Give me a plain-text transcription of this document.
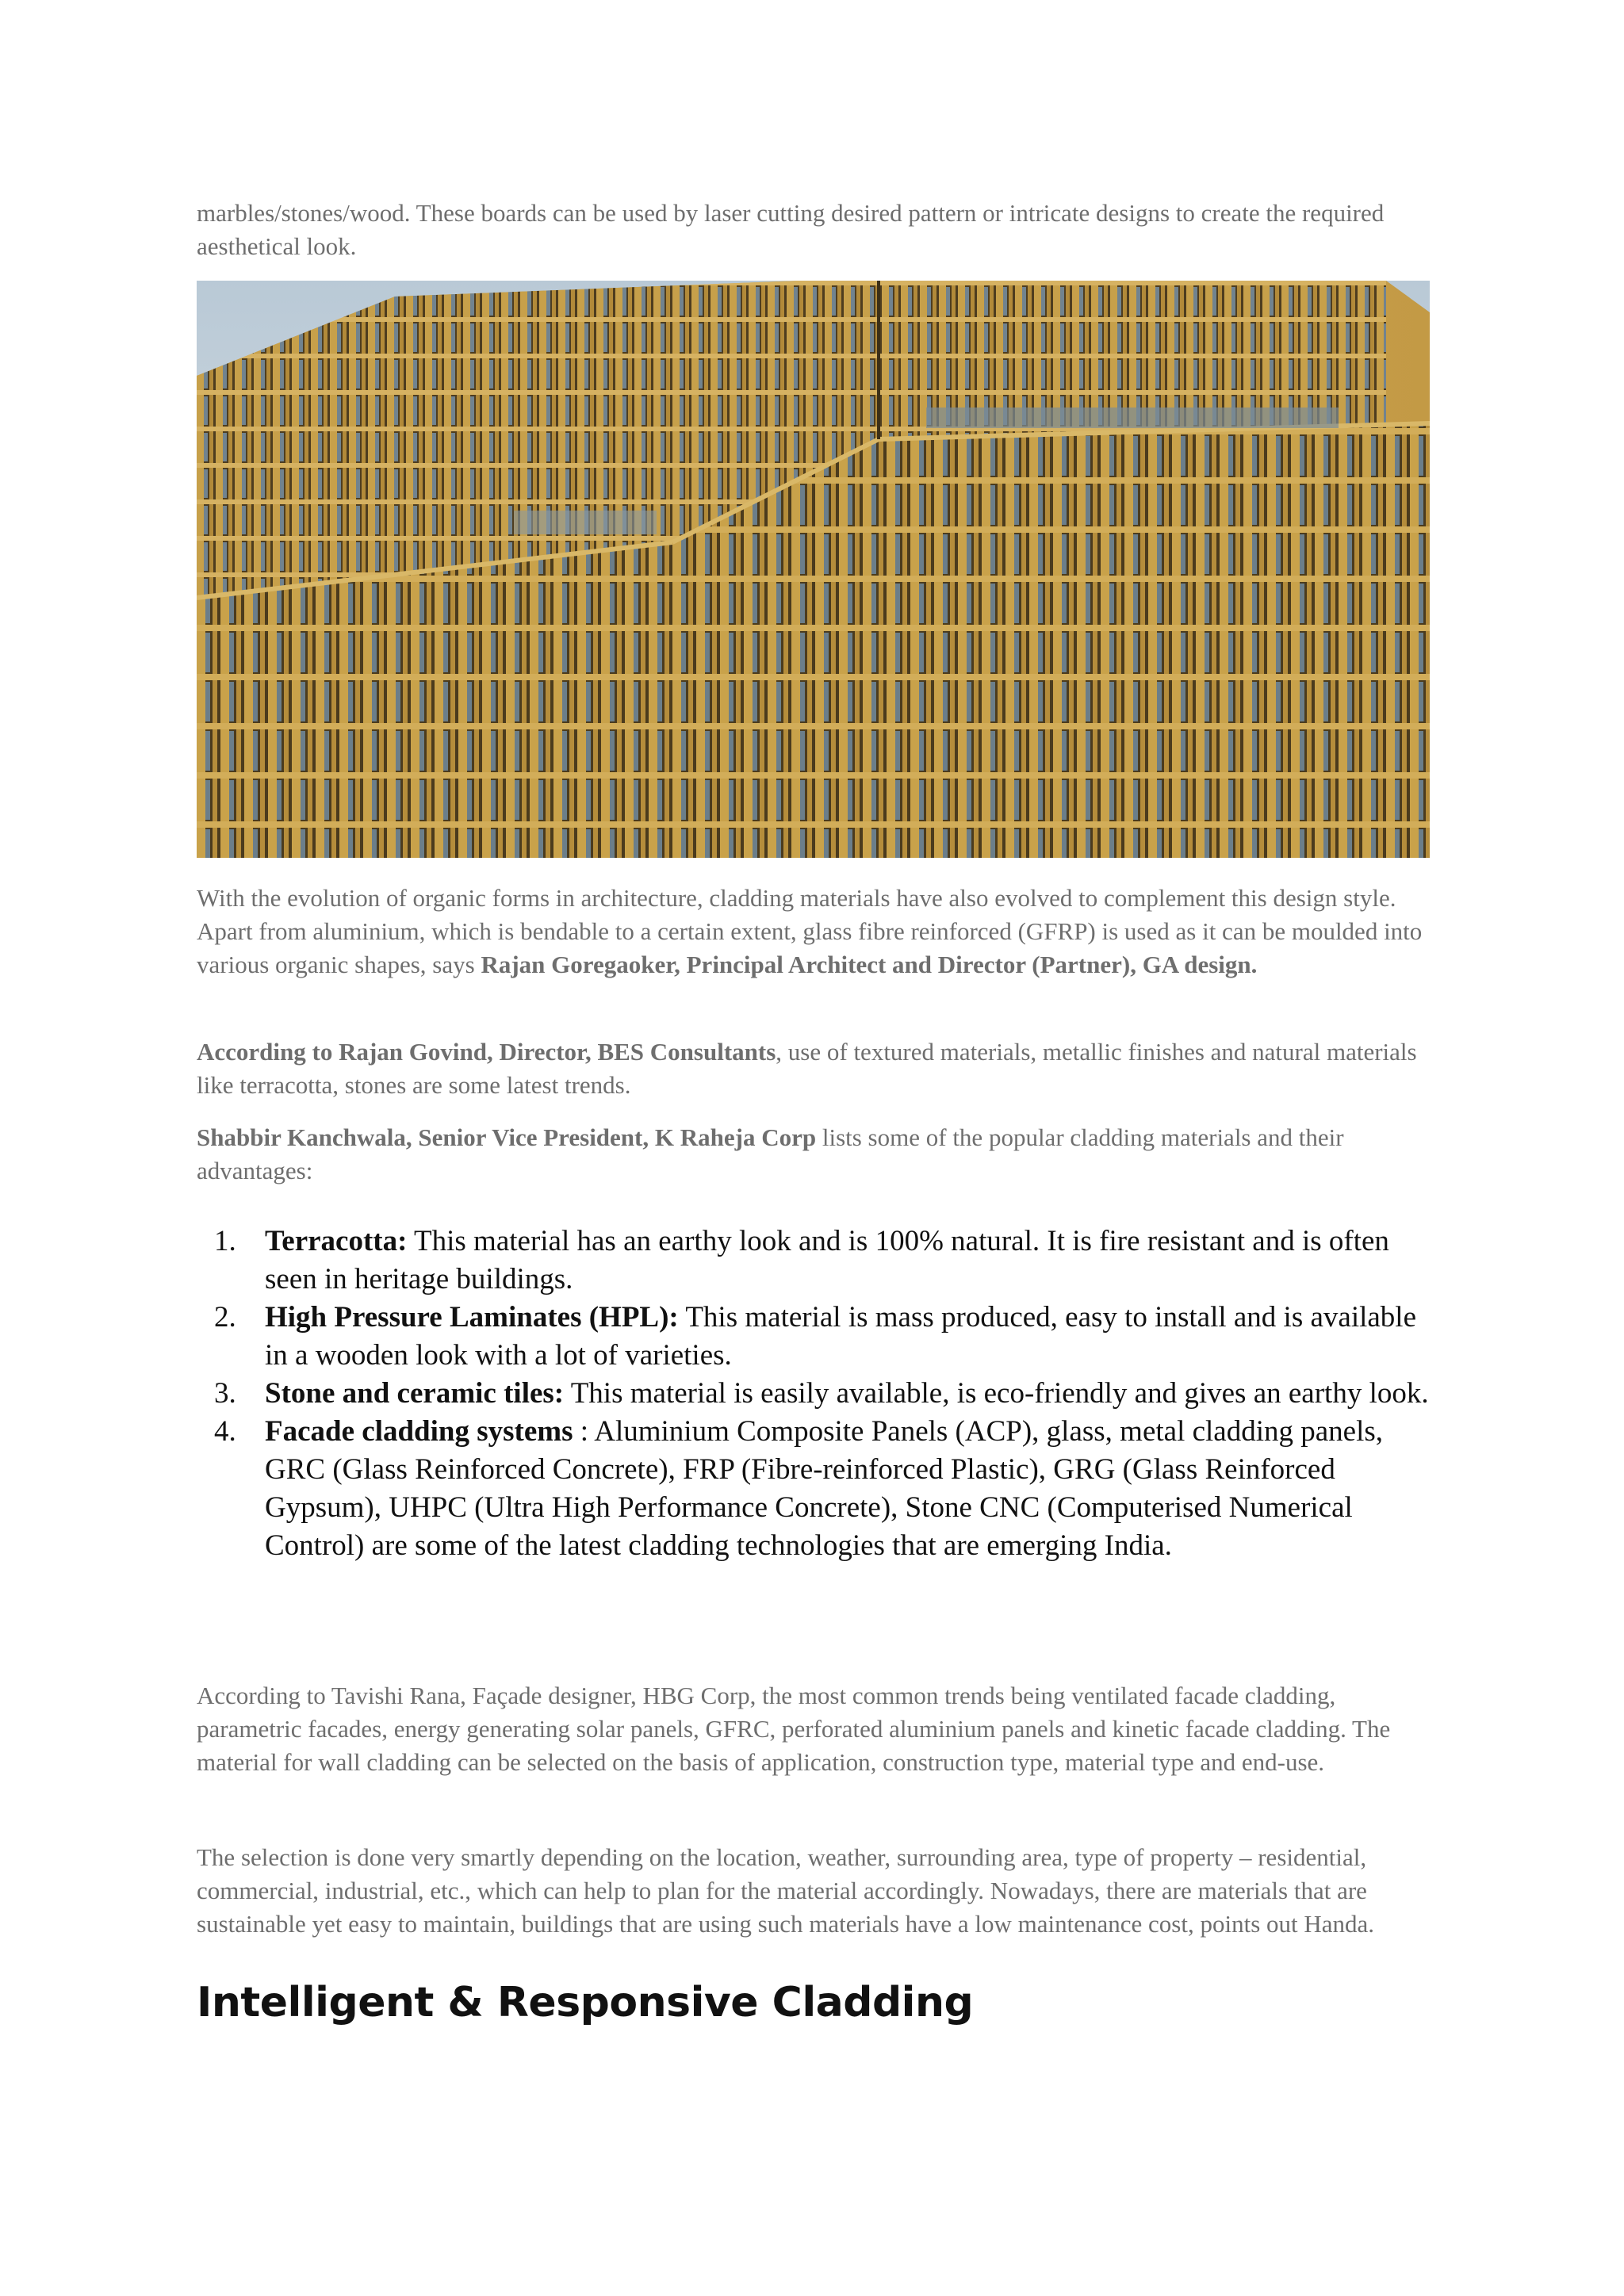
marbles/stones/wood. These boards can be used by laser cutting desired pattern or intricate designs to create the required aesthetical look.

With the evolution of organic forms in architecture, cladding materials have also evolved to complement this design style. Apart from aluminium, which is bendable to a certain extent, glass fibre reinforced (GFRP) is used as it can be moulded into various organic shapes, says Rajan Goregaoker, Principal Architect and Director (Partner), GA design.

According to Rajan Govind, Director, BES Consultants, use of textured materials, metallic finishes and natural materials like terracotta, stones are some latest trends.

Shabbir Kanchwala, Senior Vice President, K Raheja Corp lists some of the popular cladding materials and their advantages:

1. Terracotta: This material has an earthy look and is 100% natural. It is fire resistant and is often seen in heritage buildings.
2. High Pressure Laminates (HPL): This material is mass produced, easy to install and is available in a wooden look with a lot of varieties.
3. Stone and ceramic tiles: This material is easily available, is eco-friendly and gives an earthy look.
4. Facade cladding systems : Aluminium Composite Panels (ACP), glass, metal cladding panels, GRC (Glass Reinforced Concrete), FRP (Fibre-reinforced Plastic), GRG (Glass Reinforced Gypsum), UHPC (Ultra High Performance Concrete), Stone CNC (Computerised Numerical Control) are some of the latest cladding technologies that are emerging India.

According to Tavishi Rana, Façade designer, HBG Corp, the most common trends being ventilated facade cladding, parametric facades, energy generating solar panels, GFRC, perforated aluminium panels and kinetic facade cladding. The material for wall cladding can be selected on the basis of application, construction type, material type and end-use.

The selection is done very smartly depending on the location, weather, surrounding area, type of property – residential, commercial, industrial, etc., which can help to plan for the material accordingly. Nowadays, there are materials that are sustainable yet easy to maintain, buildings that are using such materials have a low maintenance cost, points out Handa.

Intelligent & Responsive Cladding
